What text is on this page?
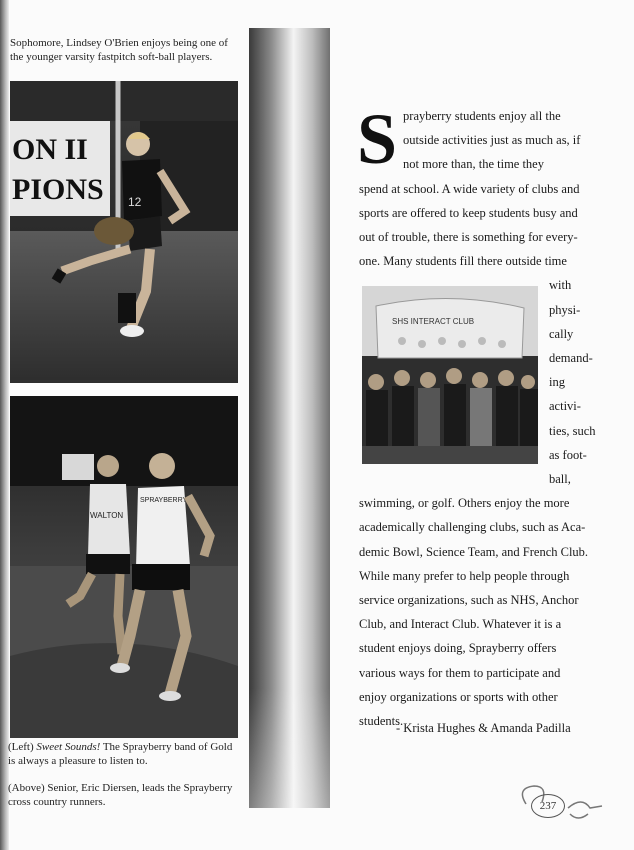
Sophomore, Lindsey O'Brien enjoys being one of the younger varsity fastpitch soft-ball players.
ON II
PIONS 12
WALTON
SPRAYBERRY
(Left) Sweet Sounds! The Sprayberry band of Gold is always a pleasure to listen to.
(Above) Senior, Eric Diersen, leads the Sprayberry cross country runners.
SHS INTERACT CLUB
S prayberry students enjoy all the
outside activities just as much as, if
not more than, the time they
spend at school. A wide variety of clubs and
sports are offered to keep students busy and
out of trouble, there is something for every-
one. Many students fill there outside time
with
physi-
cally
demand-
ing
activi-
ties, such
as foot-
ball,
swimming, or golf. Others enjoy the more
academically challenging clubs, such as Aca-
demic Bowl, Science Team, and French Club.
While many prefer to help people through
service organizations, such as NHS, Anchor
Club, and Interact Club. Whatever it is a
student enjoys doing, Sprayberry offers
various ways for them to participate and
enjoy organizations or sports with other
students.
- Krista Hughes & Amanda Padilla
237
